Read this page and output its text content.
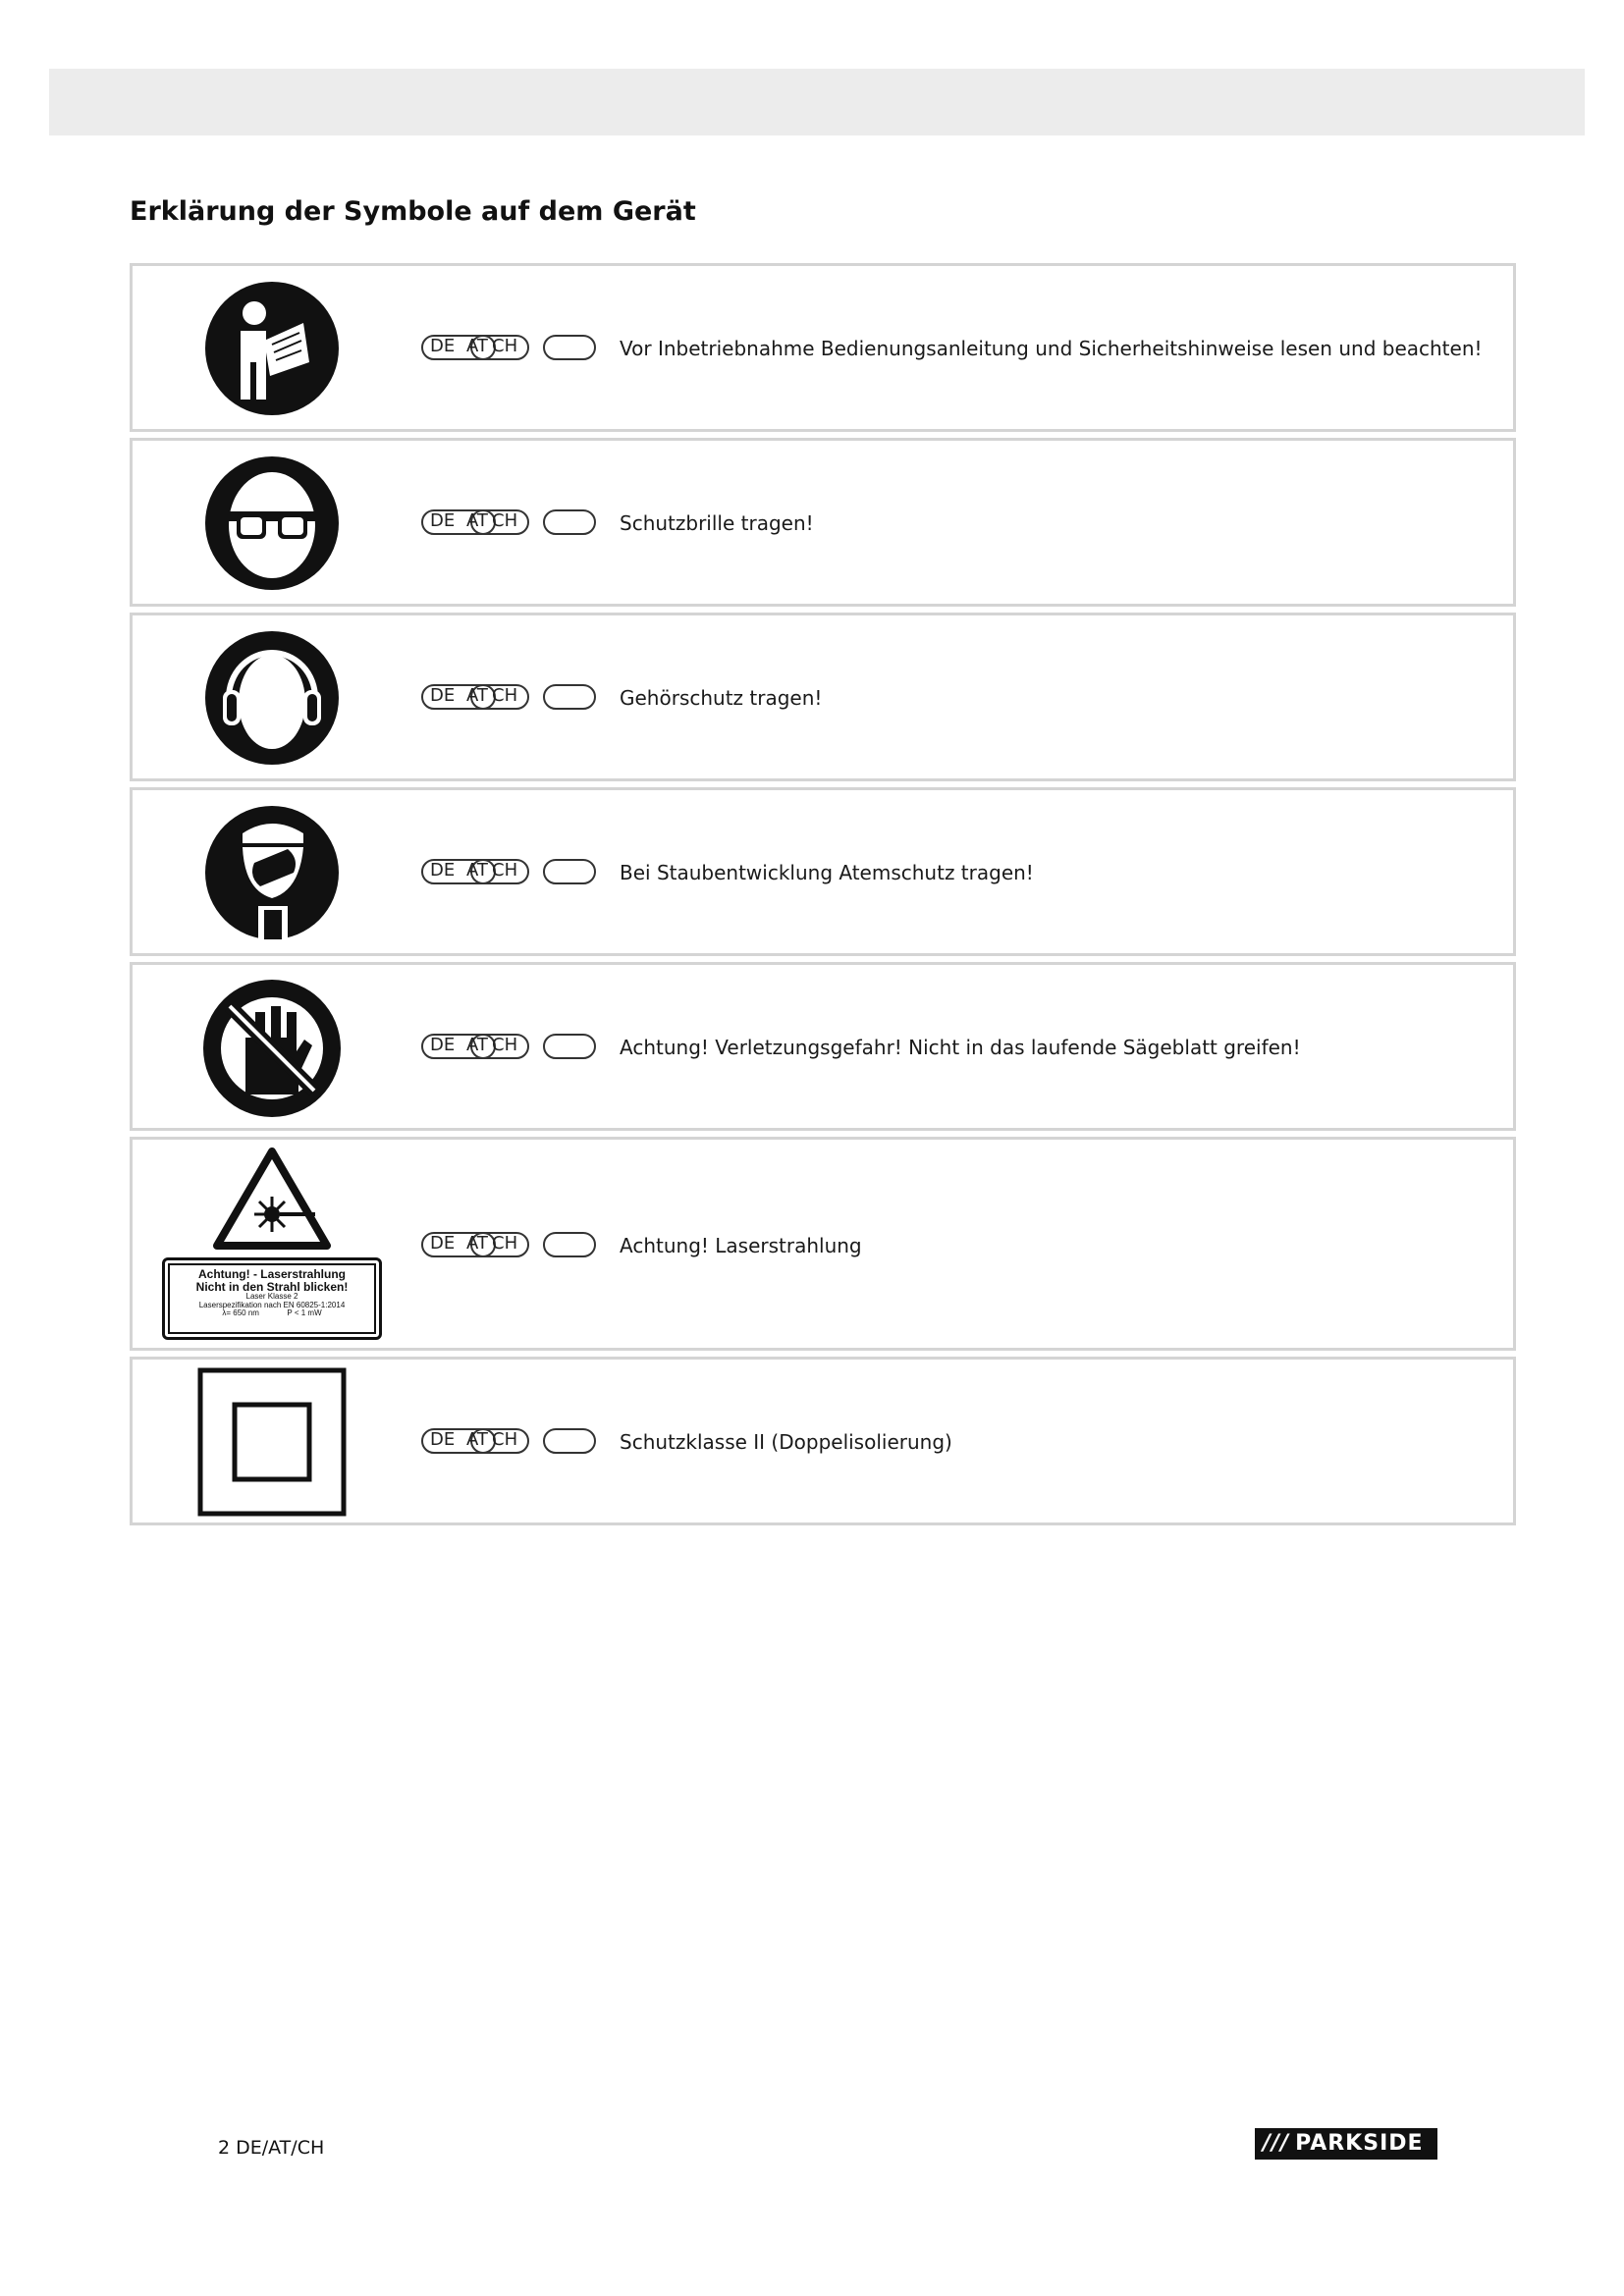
Erklärung der Symbole auf dem Gerät
DE AT CH	Vor Inbetriebnahme Bedienungsanleitung und Sicherheitshinweise lesen und beachten!
DE AT CH	Schutzbrille tragen!
DE AT CH	Gehörschutz tragen!
DE AT CH	Bei Staubentwicklung Atemschutz tragen!
DE AT CH	Achtung! Verletzungsgefahr! Nicht in das laufende Sägeblatt greifen!
Achtung! - Laserstrahlung
Nicht in den Strahl blicken!
Laser Klasse 2
Laserspezifikation nach EN 60825-1:2014
λ= 650 nm	P < 1 mW
DE AT CH	Achtung! Laserstrahlung
DE AT CH	Schutzklasse II (Doppelisolierung)
2 DE/AT/CH	/// PARKSIDE
